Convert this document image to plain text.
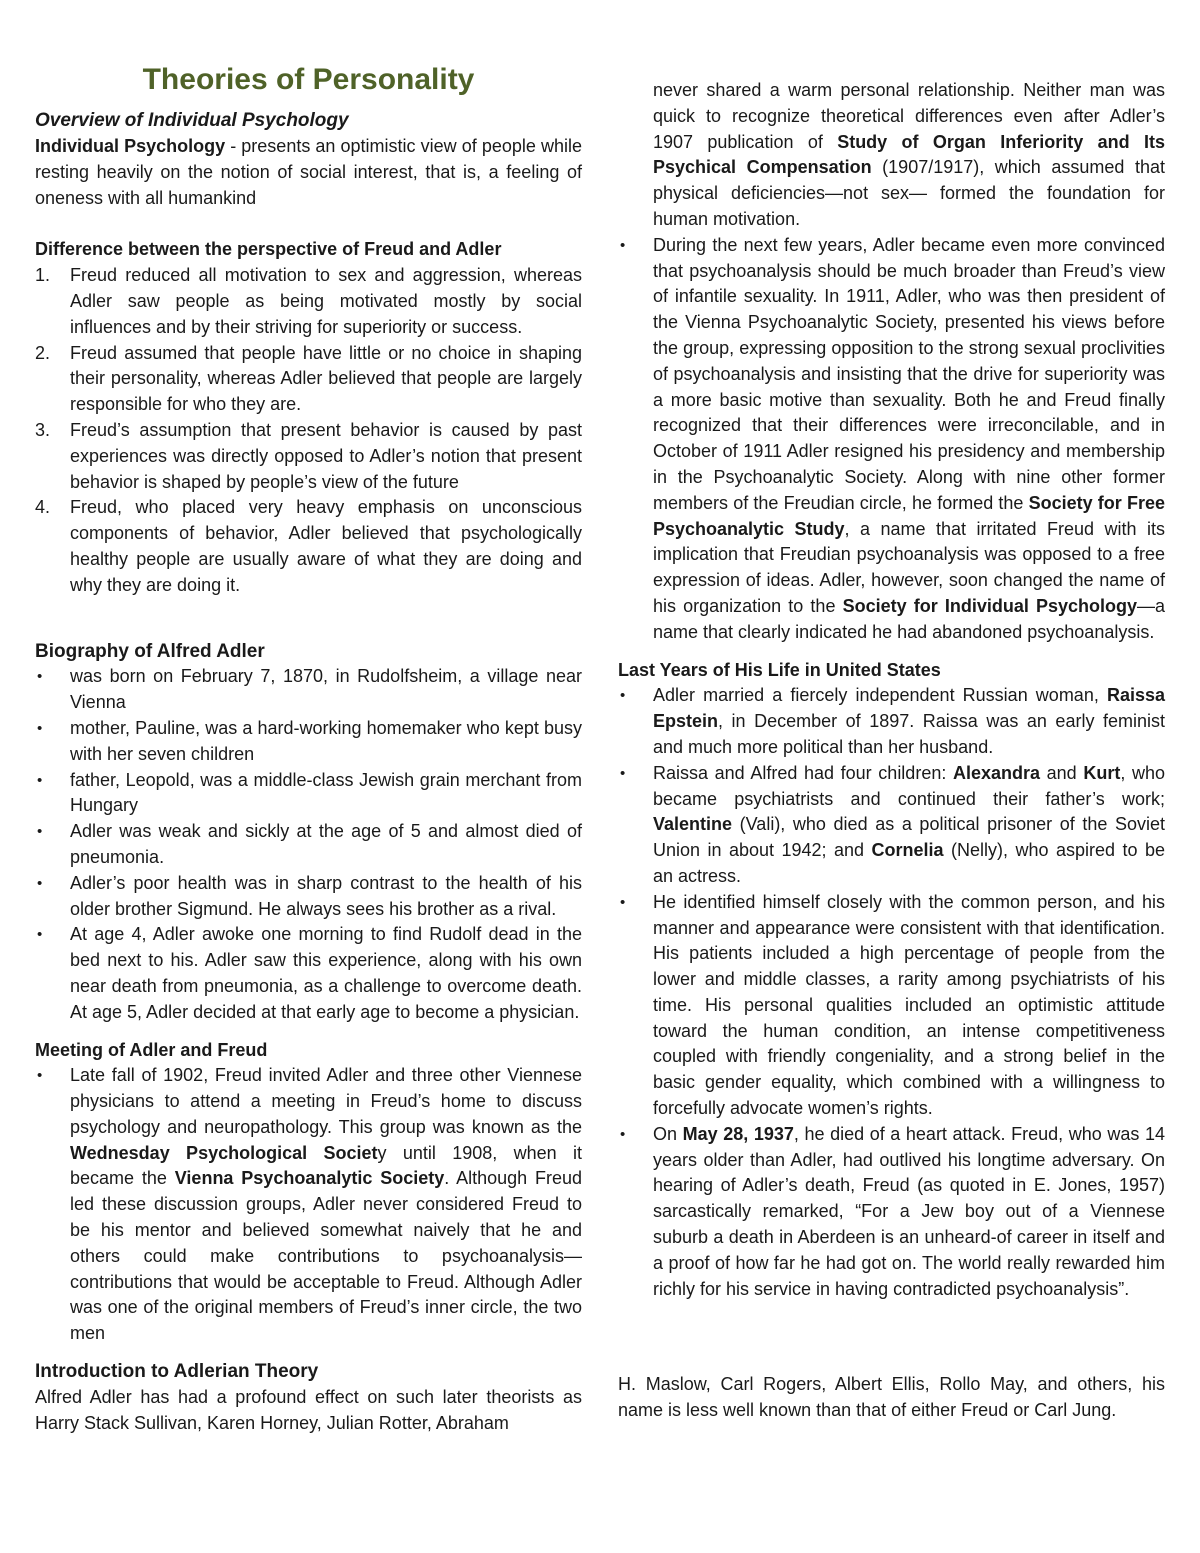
Theories of Personality
Overview of Individual Psychology

Individual Psychology - presents an optimistic view of people while resting heavily on the notion of social interest, that is, a feeling of oneness with all humankind

Difference between the perspective of Freud and Adler
1. Freud reduced all motivation to sex and aggression, whereas Adler saw people as being motivated mostly by social influences and by their striving for superiority or success.
2. Freud assumed that people have little or no choice in shaping their personality, whereas Adler believed that people are largely responsible for who they are.
3. Freud’s assumption that present behavior is caused by past experiences was directly opposed to Adler’s notion that present behavior is shaped by people’s view of the future
4. Freud, who placed very heavy emphasis on unconscious components of behavior, Adler believed that psychologically healthy people are usually aware of what they are doing and why they are doing it.
Biography of Alfred Adler
• was born on February 7, 1870, in Rudolfsheim, a village near Vienna
• mother, Pauline, was a hard-working homemaker who kept busy with her seven children
• father, Leopold, was a middle-class Jewish grain merchant from Hungary
• Adler was weak and sickly at the age of 5 and almost died of pneumonia.
• Adler’s poor health was in sharp contrast to the health of his older brother Sigmund. He always sees his brother as a rival.
• At age 4, Adler awoke one morning to find Rudolf dead in the bed next to his. Adler saw this experience, along with his own near death from pneumonia, as a challenge to overcome death. At age 5, Adler decided at that early age to become a physician.
Meeting of Adler and Freud
• Late fall of 1902, Freud invited Adler and three other Viennese physicians to attend a meeting in Freud’s home to discuss psychology and neuropathology. This group was known as the Wednesday Psychological Society until 1908, when it became the Vienna Psychoanalytic Society. Although Freud led these discussion groups, Adler never considered Freud to be his mentor and believed somewhat naively that he and others could make contributions to psychoanalysis—contributions that would be acceptable to Freud. Although Adler was one of the original members of Freud’s inner circle, the two men
Introduction to Adlerian Theory

Alfred Adler has had a profound effect on such later theorists as Harry Stack Sullivan, Karen Horney, Julian Rotter, Abraham

never shared a warm personal relationship. Neither man was quick to recognize theoretical differences even after Adler’s 1907 publication of Study of Organ Inferiority and Its Psychical Compensation (1907/1917), which assumed that physical deficiencies—not sex— formed the foundation for human motivation.
• During the next few years, Adler became even more convinced that psychoanalysis should be much broader than Freud’s view of infantile sexuality. In 1911, Adler, who was then president of the Vienna Psychoanalytic Society, presented his views before the group, expressing opposition to the strong sexual proclivities of psychoanalysis and insisting that the drive for superiority was a more basic motive than sexuality. Both he and Freud finally recognized that their differences were irreconcilable, and in October of 1911 Adler resigned his presidency and membership in the Psychoanalytic Society. Along with nine other former members of the Freudian circle, he formed the Society for Free Psychoanalytic Study, a name that irritated Freud with its implication that Freudian psychoanalysis was opposed to a free expression of ideas. Adler, however, soon changed the name of his organization to the Society for Individual Psychology—a name that clearly indicated he had abandoned psychoanalysis.
Last Years of His Life in United States
• Adler married a fiercely independent Russian woman, Raissa Epstein, in December of 1897. Raissa was an early feminist and much more political than her husband.
• Raissa and Alfred had four children: Alexandra and Kurt, who became psychiatrists and continued their father’s work; Valentine (Vali), who died as a political prisoner of the Soviet Union in about 1942; and Cornelia (Nelly), who aspired to be an actress.
• He identified himself closely with the common person, and his manner and appearance were consistent with that identification. His patients included a high percentage of people from the lower and middle classes, a rarity among psychiatrists of his time. His personal qualities included an optimistic attitude toward the human condition, an intense competitiveness coupled with friendly congeniality, and a strong belief in the basic gender equality, which combined with a willingness to forcefully advocate women’s rights.
• On May 28, 1937, he died of a heart attack. Freud, who was 14 years older than Adler, had outlived his longtime adversary. On hearing of Adler’s death, Freud (as quoted in E. Jones, 1957) sarcastically remarked, “For a Jew boy out of a Viennese suburb a death in Aberdeen is an unheard-of career in itself and a proof of how far he had got on. The world really rewarded him richly for his service in having contradicted psychoanalysis”.

H. Maslow, Carl Rogers, Albert Ellis, Rollo May, and others, his name is less well known than that of either Freud or Carl Jung.
